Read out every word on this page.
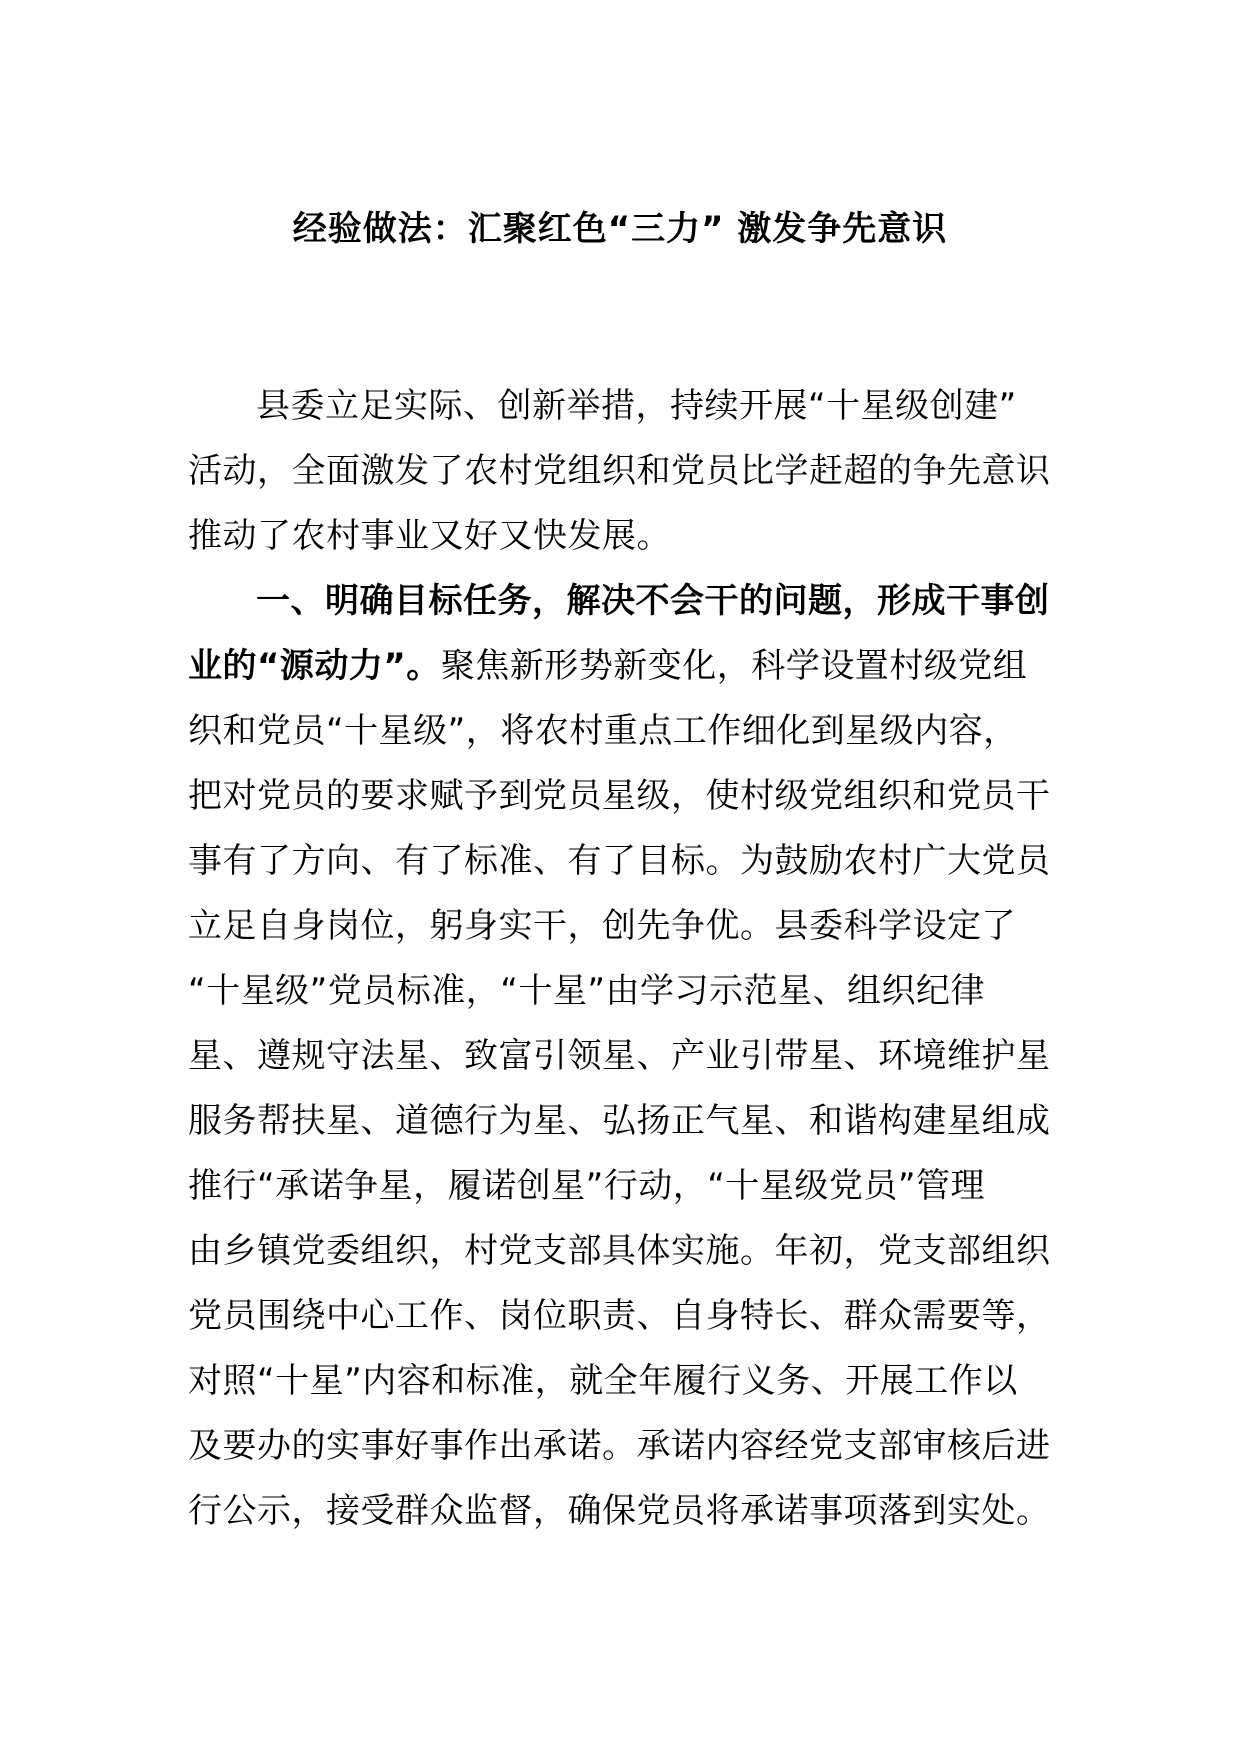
经验做法：汇聚红色“三力” 激发争先意识
县委立足实际、创新举措，持续开展“十星级创建”
活动，全面激发了农村党组织和党员比学赶超的争先意识
推动了农村事业又好又快发展。
一、明确目标任务，解决不会干的问题，形成干事创
业的“源动力”。聚焦新形势新变化，科学设置村级党组
织和党员“十星级”，将农村重点工作细化到星级内容，
把对党员的要求赋予到党员星级，使村级党组织和党员干
事有了方向、有了标准、有了目标。为鼓励农村广大党员
立足自身岗位，躬身实干，创先争优。县委科学设定了
“十星级”党员标准，“十星”由学习示范星、组织纪律
星、遵规守法星、致富引领星、产业引带星、环境维护星
服务帮扶星、道德行为星、弘扬正气星、和谐构建星组成
推行“承诺争星，履诺创星”行动，“十星级党员”管理
由乡镇党委组织，村党支部具体实施。年初，党支部组织
党员围绕中心工作、岗位职责、自身特长、群众需要等，
对照“十星”内容和标准，就全年履行义务、开展工作以
及要办的实事好事作出承诺。承诺内容经党支部审核后进
行公示，接受群众监督，确保党员将承诺事项落到实处。
